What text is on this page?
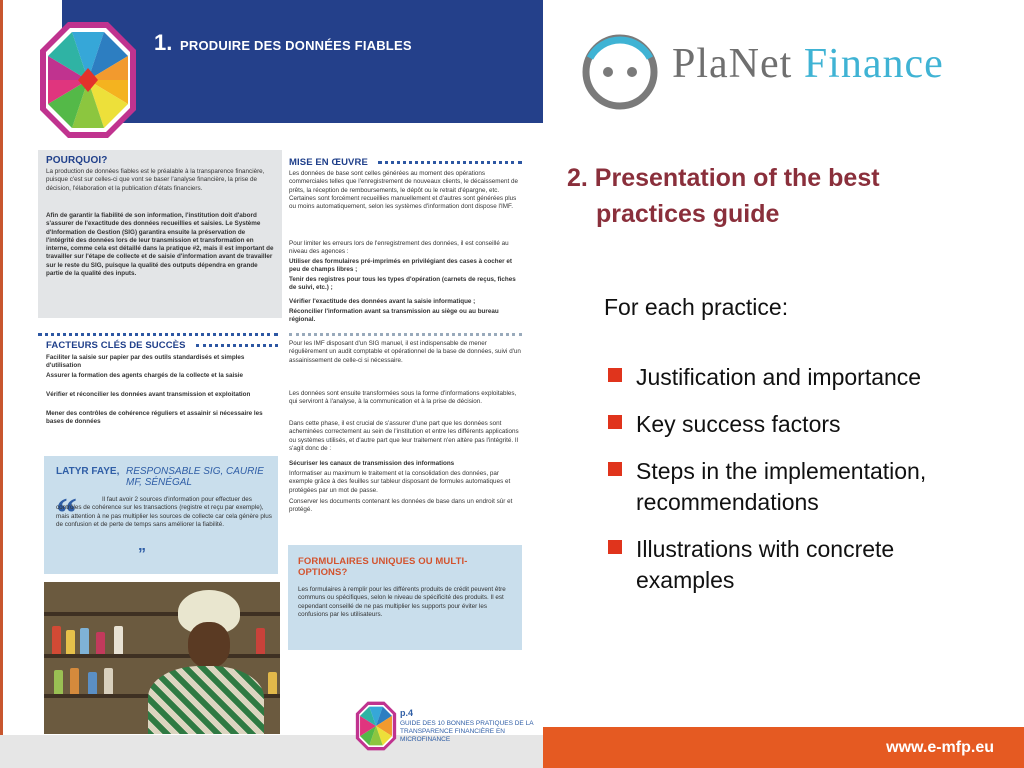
1. PRODUIRE DES DONNÉES FIABLES
POURQUOI?

La production de données fiables est le préalable à la transparence financière, puisque c'est sur celles-ci que vont se baser l'analyse financière, la prise de décision, l'élaboration et la publication d'états financiers.

Afin de garantir la fiabilité de son information, l'institution doit d'abord s'assurer de l'exactitude des données recueillies et saisies. Le Système d'Information de Gestion (SIG) garantira ensuite la préservation de l'intégrité des données lors de leur transmission et transformation en interne, comme cela est détaillé dans la pratique #2, mais il est important de travailler sur l'étape de collecte et de saisie d'information avant de travailler sur le reste du SIG, puisque la qualité des outputs dépendra en grande partie de la qualité des inputs.

FACTEURS CLÉS DE SUCCÈS

Faciliter la saisie sur papier par des outils standardisés et simples d'utilisation

Assurer la formation des agents chargés de la collecte et la saisie

Vérifier et réconcilier les données avant transmission et exploitation

Mener des contrôles de cohérence réguliers et assainir si nécessaire les bases de données

LATYR FAYE, RESPONSABLE SIG, CAURIE MF, SÉNÉGAL
“	Il faut avoir 2 sources d'information pour effectuer des contrôles de cohérence sur les transactions (registre et reçu par exemple), mais attention à ne pas multiplier les sources de collecte car cela génère plus de confusion et de perte de temps sans améliorer la fiabilité.

”
MISE EN ŒUVRE

Les données de base sont celles générées au moment des opérations commerciales telles que l'enregistrement de nouveaux clients, le décaissement de prêts, la réception de remboursements, le dépôt ou le retrait d'épargne, etc. Certaines sont forcément recueillies manuellement et d'autres sont générées plus ou moins automatiquement, selon les systèmes d'information dont dispose l'IMF.

Pour limiter les erreurs lors de l'enregistrement des données, il est conseillé au niveau des agences :

Utiliser des formulaires pré-imprimés en privilégiant des cases à cocher et peu de champs libres ;

Tenir des registres pour tous les types d'opération (carnets de reçus, fiches de suivi, etc.) ;

Vérifier l'exactitude des données avant la saisie informatique ;

Réconcilier l'information avant sa transmission au siège ou au bureau régional.

Pour les IMF disposant d'un SIG manuel, il est indispensable de mener régulièrement un audit comptable et opérationnel de la base de données, suivi d'un assainissement de celle-ci si nécessaire.

Les données sont ensuite transformées sous la forme d'informations exploitables, qui serviront à l'analyse, à la communication et à la prise de décision.

Dans cette phase, il est crucial de s'assurer d'une part que les données sont acheminées correctement au sein de l'institution et entre les différents applications ou systèmes utilisés, et d'autre part que leur traitement n'en altère pas l'intégrité. Il s'agit donc de :

Sécuriser les canaux de transmission des informations

Informatiser au maximum le traitement et la consolidation des données, par exemple grâce à des feuilles sur tableur disposant de formules automatiques et protégées par un mot de passe.

Conserver les documents contenant les données de base dans un endroit sûr et protégé.

FORMULAIRES UNIQUES OU MULTI-OPTIONS?

Les formulaires à remplir pour les différents produits de crédit peuvent être communs ou spécifiques, selon le niveau de spécificité des produits. Il est cependant conseillé de ne pas multiplier les supports pour éviter les confusions par les utilisateurs.

p.4
GUIDE DES 10 BONNES PRATIQUES DE LA TRANSPARENCE FINANCIÈRE EN MICROFINANCE
PlaNet Finance
2. Presentation of the best
practices guide
For each practice:
Justification and importance
Key success factors
Steps in the implementation, recommendations
Illustrations with concrete examples
www.e-mfp.eu
